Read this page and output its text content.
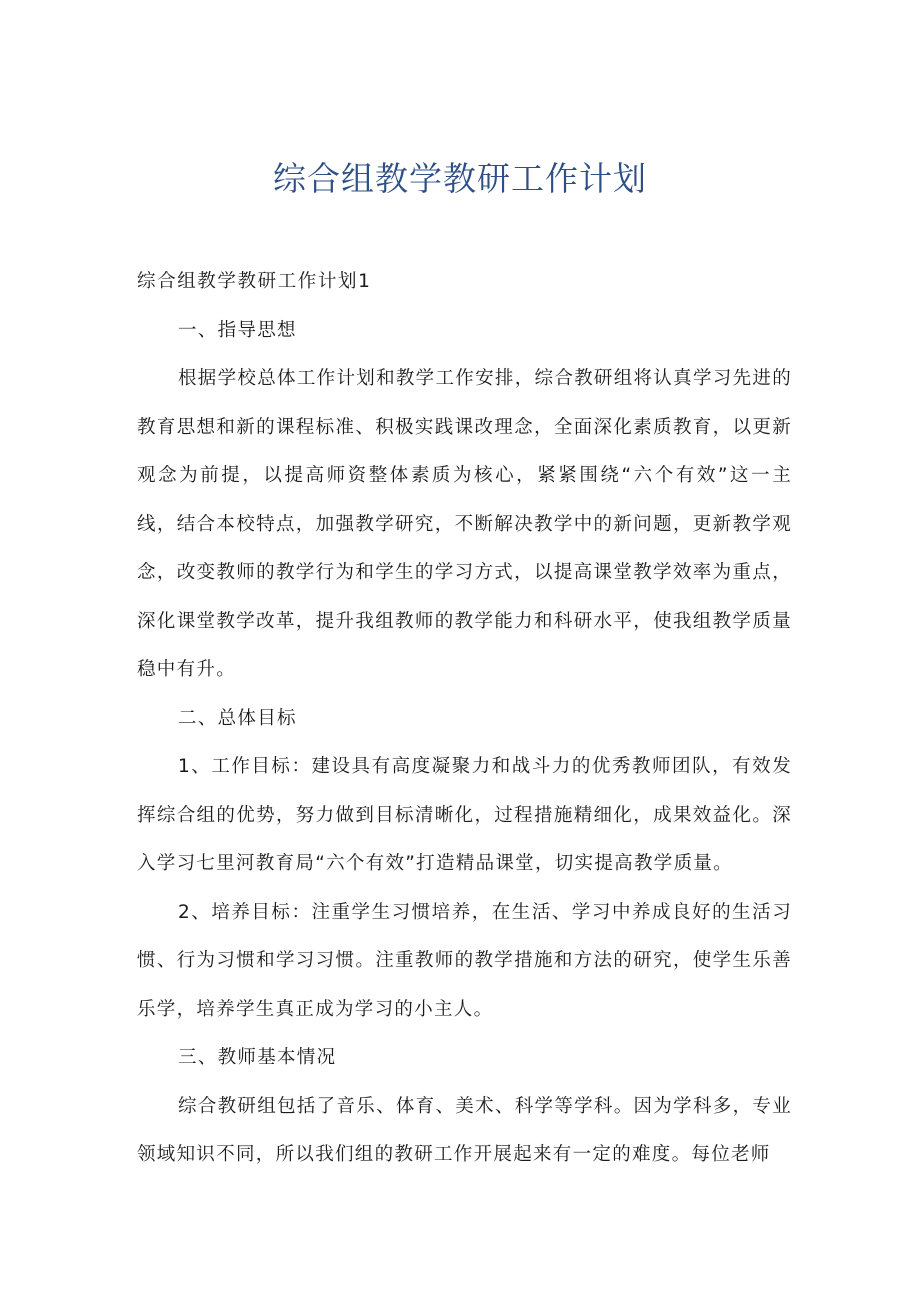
综合组教学教研工作计划

综合组教学教研工作计划1

一、指导思想

根据学校总体工作计划和教学工作安排，综合教研组将认真学习先进的教育思想和新的课程标准、积极实践课改理念，全面深化素质教育，以更新观念为前提，以提高师资整体素质为核心，紧紧围绕“六个有效”这一主线，结合本校特点，加强教学研究，不断解决教学中的新问题，更新教学观念，改变教师的教学行为和学生的学习方式，以提高课堂教学效率为重点，深化课堂教学改革，提升我组教师的教学能力和科研水平，使我组教学质量稳中有升。

二、总体目标

1、工作目标：建设具有高度凝聚力和战斗力的优秀教师团队，有效发挥综合组的优势，努力做到目标清晰化，过程措施精细化，成果效益化。深入学习七里河教育局“六个有效”打造精品课堂，切实提高教学质量。

2、培养目标：注重学生习惯培养，在生活、学习中养成良好的生活习惯、行为习惯和学习习惯。注重教师的教学措施和方法的研究，使学生乐善乐学，培养学生真正成为学习的小主人。

三、教师基本情况

综合教研组包括了音乐、体育、美术、科学等学科。因为学科多，专业领域知识不同，所以我们组的教研工作开展起来有一定的难度。每位老师
